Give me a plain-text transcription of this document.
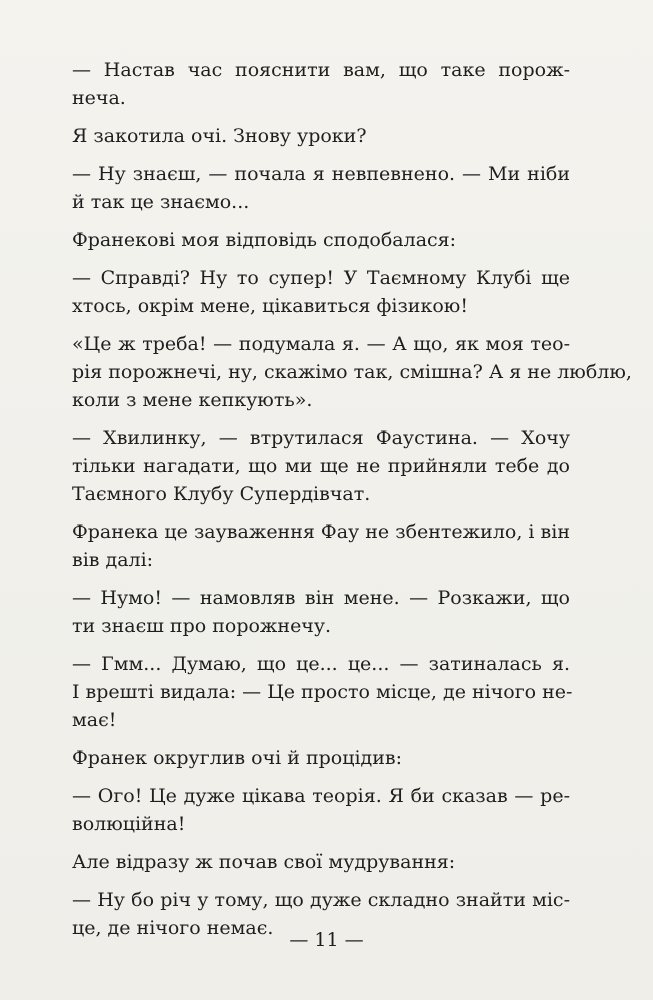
— Настав час пояснити вам, що таке порож-
неча.

Я закотила очі. Знову уроки?

— Ну знаєш, — почала я невпевнено. — Ми ніби
й так це знаємо...

Франекові моя відповідь сподобалася:

— Справді? Ну то супер! У Таємному Клубі ще
хтось, окрім мене, цікавиться фізикою!

«Це ж треба! — подумала я. — А що, як моя тео-
рія порожнечі, ну, скажімо так, смішна? А я не люблю,
коли з мене кепкують».

— Хвилинку, — втрутилася Фаустина. — Хочу
тільки нагадати, що ми ще не прийняли тебе до
Таємного Клубу Супердівчат.

Франека це зауваження Фау не збентежило, і він
вів далі:

— Нумо! — намовляв він мене. — Розкажи, що
ти знаєш про порожнечу.

— Гмм... Думаю, що це... це... — затиналась я.
І врешті видала: — Це просто місце, де нічого не-
має!

Франек округлив очі й процідив:

— Ого! Це дуже цікава теорія. Я би сказав — ре-
волюційна!

Але відразу ж почав свої мудрування:

— Ну бо річ у тому, що дуже складно знайти міс-
це, де нічого немає.

— 11 —
